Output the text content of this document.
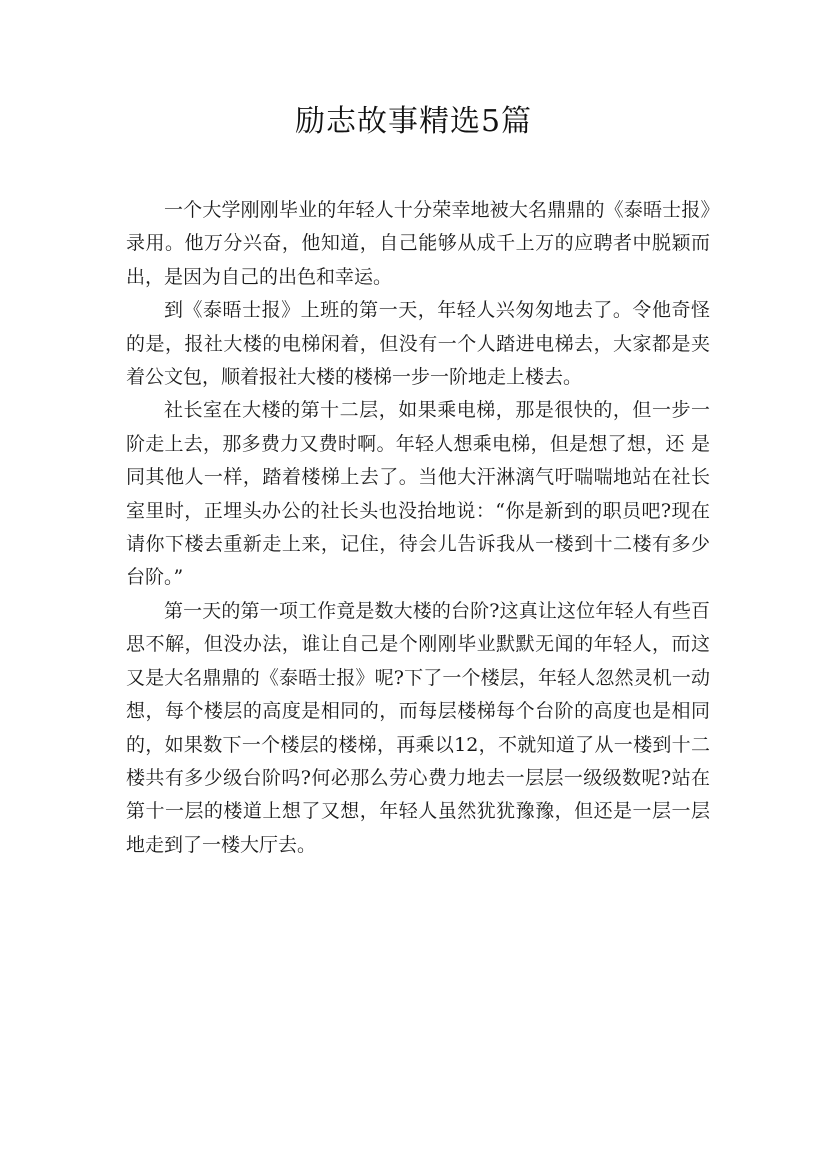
励志故事精选5篇

一个大学刚刚毕业的年轻人十分荣幸地被大名鼎鼎的《泰晤士报》录用。他万分兴奋，他知道，自己能够从成千上万的应聘者中脱颖而出，是因为自己的出色和幸运。

到《泰晤士报》上班的第一天，年轻人兴匆匆地去了。令他奇怪的是，报社大楼的电梯闲着，但没有一个人踏进电梯去，大家都是夹着公文包，顺着报社大楼的楼梯一步一阶地走上楼去。

社长室在大楼的第十二层，如果乘电梯，那是很快的，但一步一阶走上去，那多费力又费时啊。年轻人想乘电梯，但是想了想，还 是同其他人一样，踏着楼梯上去了。当他大汗淋漓气吁喘喘地站在社长室里时，正埋头办公的社长头也没抬地说：“你是新到的职员吧?现在请你下楼去重新走上来，记住，待会儿告诉我从一楼到十二楼有多少台阶。”

第一天的第一项工作竟是数大楼的台阶?这真让这位年轻人有些百思不解，但没办法，谁让自己是个刚刚毕业默默无闻的年轻人，而这又是大名鼎鼎的《泰晤士报》呢?下了一个楼层，年轻人忽然灵机一动想，每个楼层的高度是相同的，而每层楼梯每个台阶的高度也是相同的，如果数下一个楼层的楼梯，再乘以12，不就知道了从一楼到十二楼共有多少级台阶吗?何必那么劳心费力地去一层层一级级数呢?站在第十一层的楼道上想了又想，年轻人虽然犹犹豫豫，但还是一层一层地走到了一楼大厅去。
